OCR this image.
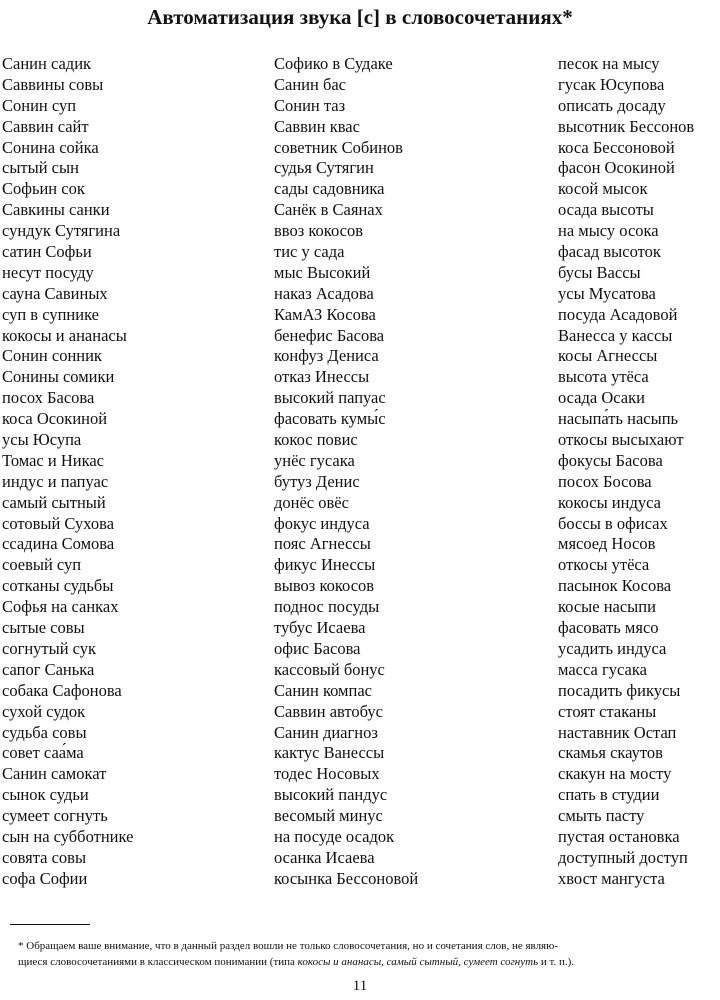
Автоматизация звука [с] в словосочетаниях*
Санин садик
Саввины совы
Сонин суп
Саввин сайт
Сонина сойка
сытый сын
Софьин сок
Савкины санки
сундук Сутягина
сатин Софьи
несут посуду
сауна Савиных
суп в супнике
кокосы и ананасы
Сонин сонник
Сонины сомики
посох Басова
коса Осокиной
усы Юсупа
Томас и Никас
индус и папуас
самый сытный
сотовый Сухова
ссадина Сомова
соевый суп
сотканы судьбы
Софья на санках
сытые совы
согнутый сук
сапог Санька
собака Сафонова
сухой судок
судьба совы
совет саа́ма
Санин самокат
сынок судьи
сумеет согнуть
сын на субботнике
совята совы
софа Софии
Софико в Судаке
Санин бас
Сонин таз
Саввин квас
советник Собинов
судья Сутягин
сады садовника
Санёк в Саянах
ввоз кокосов
тис у сада
мыс Высокий
наказ Асадова
КамАЗ Косова
бенефис Басова
конфуз Дениса
отказ Инессы
высокий папуас
фасовать кумы́с
кокос повис
унёс гусака
бутуз Денис
донёс овёс
фокус индуса
пояс Агнессы
фикус Инессы
вывоз кокосов
поднос посуды
тубус Исаева
офис Басова
кассовый бонус
Санин компас
Саввин автобус
Санин диагноз
кактус Ванессы
тодес Носовых
высокий пандус
весомый минус
на посуде осадок
осанка Исаева
косынка Бессоновой
песок на мысу
гусак Юсупова
описать досаду
высотник Бессонов
коса Бессоновой
фасон Осокиной
косой мысок
осада высоты
на мысу осока
фасад высоток
бусы Вассы
усы Мусатова
посуда Асадовой
Ванесса у кассы
косы Агнессы
высота утёса
осада Осаки
насыпа́ть насыпь
откосы высыхают
фокусы Басова
посох Босова
кокосы индуса
боссы в офисах
мясоед Носов
откосы утёса
пасынок Косова
косые насыпи
фасовать мясо
усадить индуса
масса гусака
посадить фикусы
стоят стаканы
наставник Остап
скамья скаутов
скакун на мосту
спать в студии
смыть пасту
пустая остановка
доступный доступ
хвост мангуста
* Обращаем ваше внимание, что в данный раздел вошли не только словосочетания, но и сочетания слов, не являю-
щиеся словосочетаниями в классическом понимании (типа кокосы и ананасы, самый сытный, сумеет согнуть и т. п.).
11
